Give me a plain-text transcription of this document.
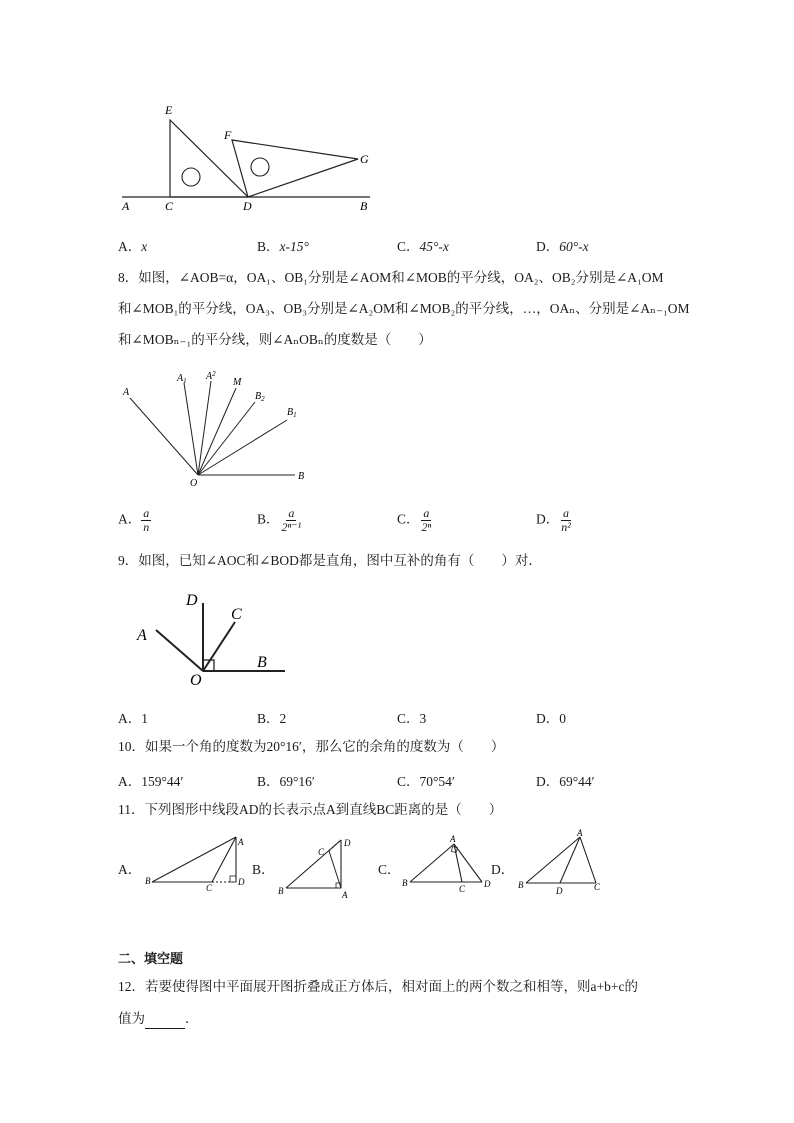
E
F
G
A	C	D	B
A．x	B．x-15°	C．45°-x	D．60°-x
8．如图，∠AOB=α，OA₁、OB₁分别是∠AOM和∠MOB的平分线，OA₂、OB₂分别是∠A₁OM
和∠MOB₁的平分线，OA₃、OB₃分别是∠A₂OM和∠MOB₂的平分线，…，OAₙ、分别是∠Aₙ₋₁OM
和∠MOBₙ₋₁的平分线，则∠AₙOBₙ的度数是（　　）
A
$A_1$ $A^2$
M
$B_2$
$B_1$
O
B
A． $\frac{a}{n}$	B． $\frac{a}{\text{2ⁿ⁻¹}}$	C． $\frac{a}{\text{2ⁿ}}$	D． $\frac{a}{\text{n²}}$
9．如图，已知∠AOC和∠BOD都是直角，图中互补的角有（　　）对．
D
C
A
B
O
A．1	B．2	C．3	D．0
10．如果一个角的度数为20°16′，那么它的余角的度数为（　　）
A．159°44′	B．69°16′	C．70°54′	D．69°44′
11．下列图形中线段AD的长表示点A到直线BC距离的是（　　）
A．
A
B
C
D
B．
D
C
B	A
C．
A
B
C D
D．
A
B
D	C
二、填空题
12．若要使得图中平面展开图折叠成正方体后，相对面上的两个数之和相等，则a+b+c的
值为	．
